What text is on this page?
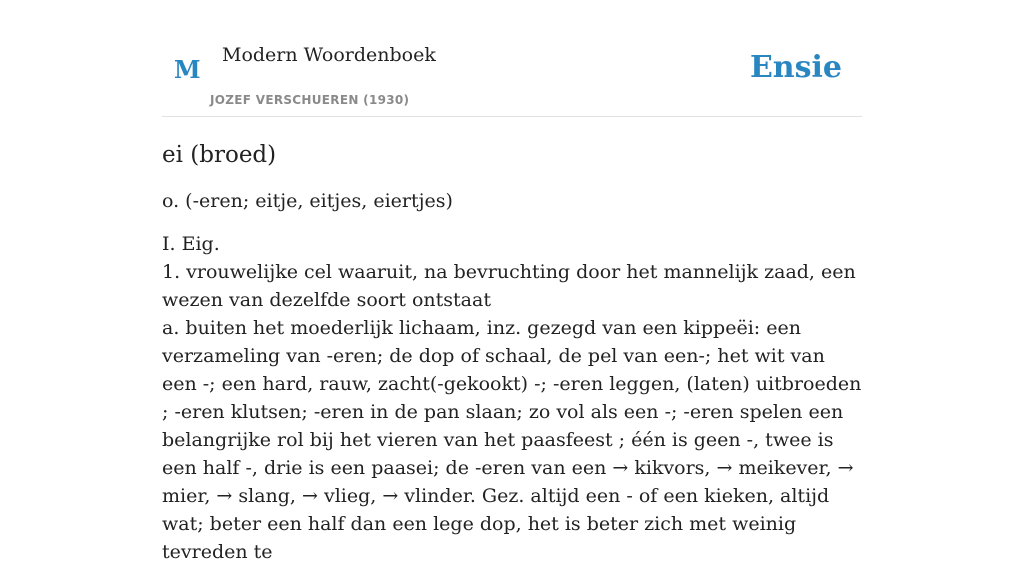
M Modern Woordenboek
JOZEF VERSCHUEREN (1930)
Ensie
ei (broed)

o. (-eren; eitje, eitjes, eiertjes)

I. Eig.
1. vrouwelijke cel waaruit, na bevruchting door het mannelijk zaad, een wezen van dezelfde soort ontstaat
a. buiten het moederlijk lichaam, inz. gezegd van een kippeëi: een verzameling van -eren; de dop of schaal, de pel van een-; het wit van een -; een hard, rauw, zacht(-gekookt) -; -eren leggen, (laten) uitbroeden ; -eren klutsen; -eren in de pan slaan; zo vol als een -; -eren spelen een belangrijke rol bij het vieren van het paasfeest ; één is geen -, twee is een half -, drie is een paasei; de -eren van een → kikvors, → meikever, → mier, → slang, → vlieg, → vlinder. Gez. altijd een - of een kieken, altijd wat; beter een half dan een lege dop, het is beter zich met weinig tevreden te
